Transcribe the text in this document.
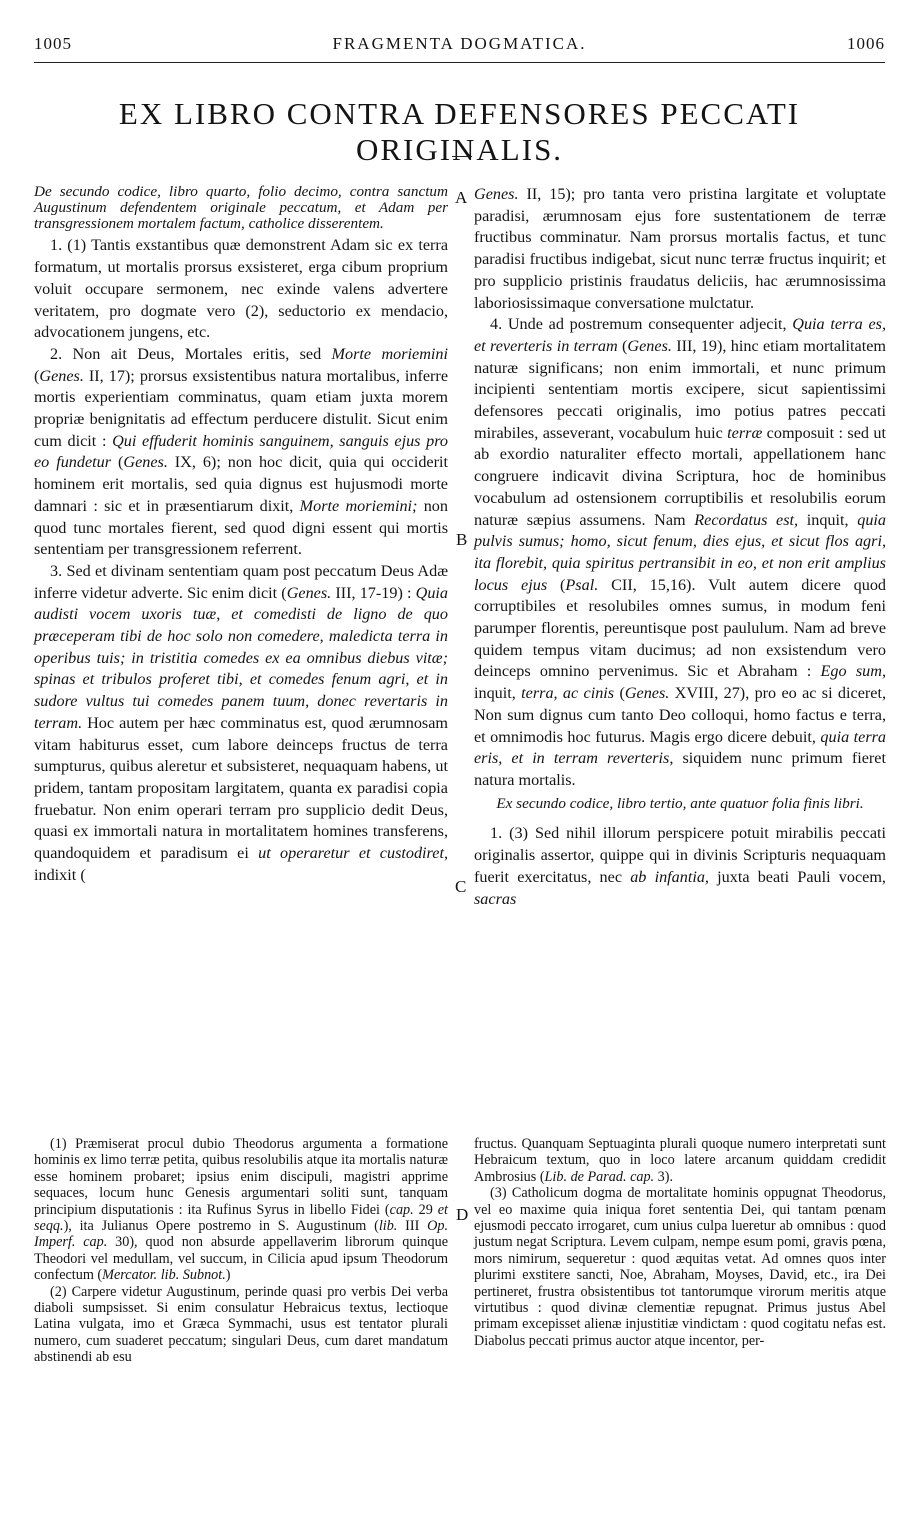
1005	FRAGMENTA DOGMATICA.	1006
EX LIBRO CONTRA DEFENSORES PECCATI ORIGINALIS.
A
B
C
D

De secundo codice, libro quarto, folio decimo, contra sanctum Augustinum defendentem originale peccatum, et Adam per transgressionem mortalem factum, catholice disserentem.

1. (1) Tantis exstantibus quæ demonstrent Adam sic ex terra formatum, ut mortalis prorsus exsisteret, erga cibum proprium voluit occupare sermonem, nec exinde valens advertere veritatem, pro dogmate vero (2), seductorio ex mendacio, advocationem jungens, etc.

2. Non ait Deus, Mortales eritis, sed Morte moriemini (Genes. II, 17); prorsus exsistentibus natura mortalibus, inferre mortis experientiam comminatus, quam etiam juxta morem propriæ benignitatis ad effectum perducere distulit. Sicut enim cum dicit : Qui effuderit hominis sanguinem, sanguis ejus pro eo fundetur (Genes. IX, 6); non hoc dicit, quia qui occiderit hominem erit mortalis, sed quia dignus est hujusmodi morte damnari : sic et in præsentiarum dixit, Morte moriemini; non quod tunc mortales fierent, sed quod digni essent qui mortis sententiam per transgressionem referrent.

3. Sed et divinam sententiam quam post peccatum Deus Adæ inferre videtur adverte. Sic enim dicit (Genes. III, 17-19) : Quia audisti vocem uxoris tuæ, et comedisti de ligno de quo præceperam tibi de hoc solo non comedere, maledicta terra in operibus tuis; in tristitia comedes ex ea omnibus diebus vitæ; spinas et tribulos proferet tibi, et comedes fenum agri, et in sudore vultus tui comedes panem tuum, donec revertaris in terram. Hoc autem per hæc comminatus est, quod ærumnosam vitam habiturus esset, cum labore deinceps fructus de terra sumpturus, quibus aleretur et subsisteret, nequaquam habens, ut pridem, tantam propositam largitatem, quanta ex paradisi copia fruebatur. Non enim operari terram pro supplicio dedit Deus, quasi ex immortali natura in mortalitatem homines transferens, quandoquidem et paradisum ei ut operaretur et custodiret, indixit (

Genes. II, 15); pro tanta vero pristina largitate et voluptate paradisi, ærumnosam ejus fore sustentationem de terræ fructibus comminatur. Nam prorsus mortalis factus, et tunc paradisi fructibus indigebat, sicut nunc terræ fructus inquirit; et pro supplicio pristinis fraudatus deliciis, hac ærumnosissima laboriosissimaque conversatione mulctatur.

4. Unde ad postremum consequenter adjecit, Quia terra es, et reverteris in terram (Genes. III, 19), hinc etiam mortalitatem naturæ significans; non enim immortali, et nunc primum incipienti sententiam mortis excipere, sicut sapientissimi defensores peccati originalis, imo potius patres peccati mirabiles, asseverant, vocabulum huic terræ composuit : sed ut ab exordio naturaliter effecto mortali, appellationem hanc congruere indicavit divina Scriptura, hoc de hominibus vocabulum ad ostensionem corruptibilis et resolubilis eorum naturæ sæpius assumens. Nam Recordatus est, inquit, quia pulvis sumus; homo, sicut fenum, dies ejus, et sicut flos agri, ita florebit, quia spiritus pertransibit in eo, et non erit amplius locus ejus (Psal. CII, 15,16). Vult autem dicere quod corruptibiles et resolubiles omnes sumus, in modum feni parumper florentis, pereuntisque post paululum. Nam ad breve quidem tempus vitam ducimus; ad non exsistendum vero deinceps omnino pervenimus. Sic et Abraham : Ego sum, inquit, terra, ac cinis (Genes. XVIII, 27), pro eo ac si diceret, Non sum dignus cum tanto Deo colloqui, homo factus e terra, et omnimodis hoc futurus. Magis ergo dicere debuit, quia terra eris, et in terram reverteris, siquidem nunc primum fieret natura mortalis.

Ex secundo codice, libro tertio, ante quatuor folia finis libri.

1. (3) Sed nihil illorum perspicere potuit mirabilis peccati originalis assertor, quippe qui in divinis Scripturis nequaquam fuerit exercitatus, nec ab infantia, juxta beati Pauli vocem, sacras

(1) Præmiserat procul dubio Theodorus argumenta a formatione hominis ex limo terræ petita, quibus resolubilis atque ita mortalis naturæ esse hominem probaret; ipsius enim discipuli, magistri apprime sequaces, locum hunc Genesis argumentari soliti sunt, tanquam principium disputationis : ita Rufinus Syrus in libello Fidei (cap. 29 et seqq.), ita Julianus Opere postremo in S. Augustinum (lib. III Op. Imperf. cap. 30), quod non absurde appellaverim librorum quinque Theodori vel medullam, vel succum, in Cilicia apud ipsum Theodorum confectum (Mercator. lib. Subnot.)

(2) Carpere videtur Augustinum, perinde quasi pro verbis Dei verba diaboli sumpsisset. Si enim consulatur Hebraicus textus, lectioque Latina vulgata, imo et Græca Symmachi, usus est tentator plurali numero, cum suaderet peccatum; singulari Deus, cum daret mandatum abstinendi ab esu

fructus. Quanquam Septuaginta plurali quoque numero interpretati sunt Hebraicum textum, quo in loco latere arcanum quiddam credidit Ambrosius (Lib. de Parad. cap. 3).

(3) Catholicum dogma de mortalitate hominis oppugnat Theodorus, vel eo maxime quia iniqua foret sententia Dei, qui tantam pœnam ejusmodi peccato irrogaret, cum unius culpa lueretur ab omnibus : quod justum negat Scriptura. Levem culpam, nempe esum pomi, gravis pœna, mors nimirum, sequeretur : quod æquitas vetat. Ad omnes quos inter plurimi exstitere sancti, Noe, Abraham, Moyses, David, etc., ira Dei pertineret, frustra obsistentibus tot tantorumque virorum meritis atque virtutibus : quod divinæ clementiæ repugnat. Primus justus Abel primam excepisset alienæ injustitiæ vindictam : quod cogitatu nefas est. Diabolus peccati primus auctor atque incentor, per-
